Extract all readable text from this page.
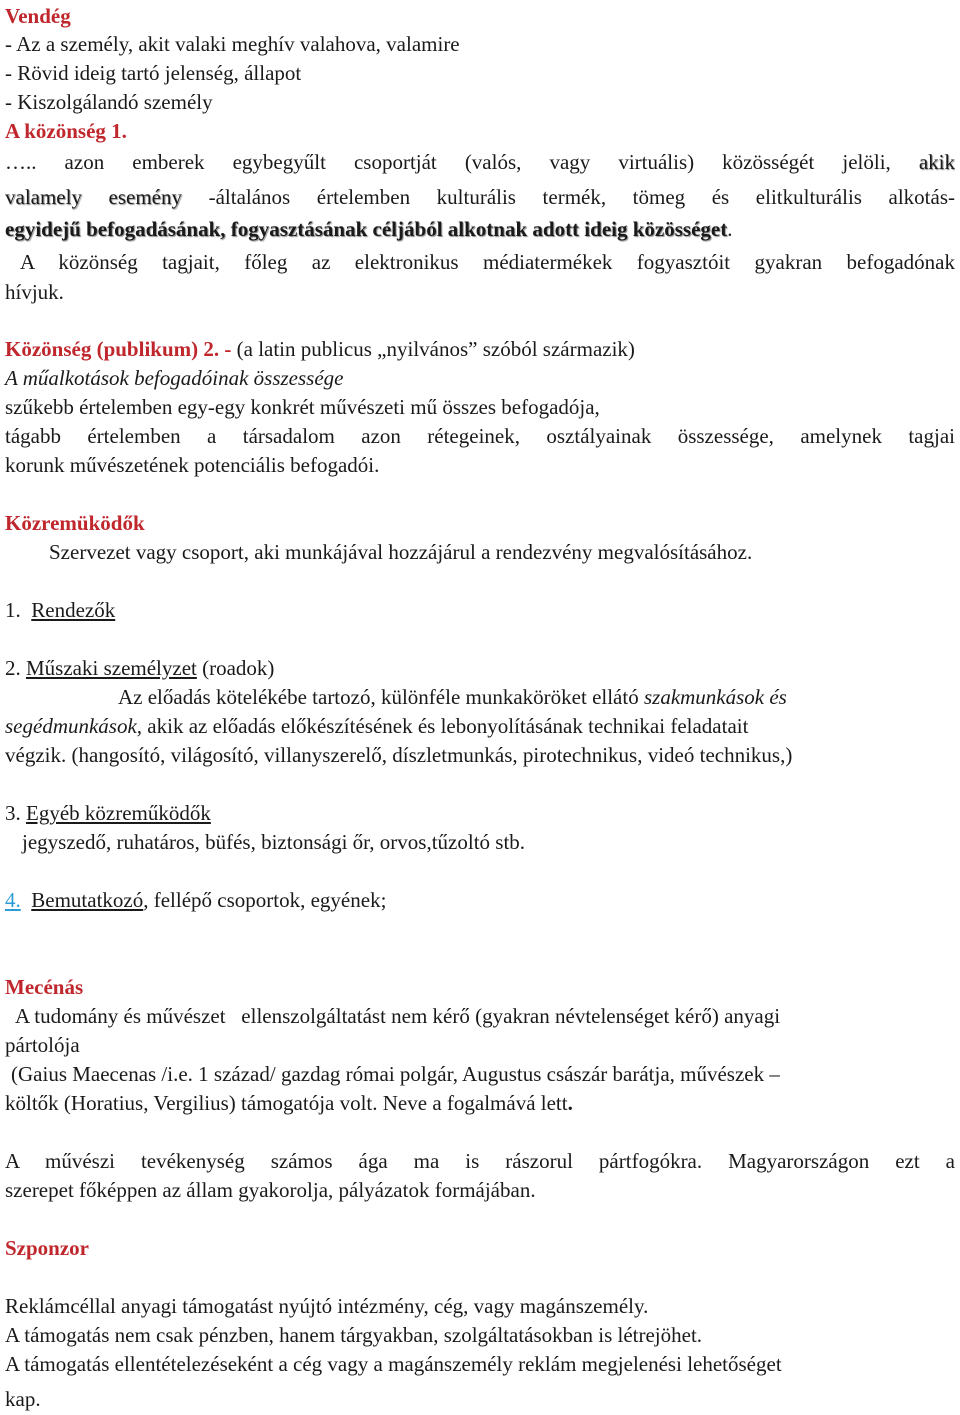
Vendég
- Az a személy, akit valaki meghív valahova, valamire
- Rövid ideig tartó jelenség, állapot
- Kiszolgálandó személy
A közönség 1.
….. azon emberek egybegyűlt csoportját (valós, vagy virtuális) közösségét jelöli, akik
valamely esemény -általános értelemben kulturális termék, tömeg és elitkulturális alkotás-
egyidejű befogadásának, fogyasztásának céljából alkotnak adott ideig közösséget.
A közönség tagjait, főleg az elektronikus médiatermékek fogyasztóit gyakran befogadónak
hívjuk.
Közönség (publikum) 2. - (a latin publicus „nyilvános” szóból származik)
A műalkotások befogadóinak összessége
szűkebb értelemben egy-egy konkrét művészeti mű összes befogadója,
tágabb értelemben a társadalom azon rétegeinek, osztályainak összessége, amelynek tagjai
korunk művészetének potenciális befogadói.
Közremüködők
Szervezet vagy csoport, aki munkájával hozzájárul a rendezvény megvalósításához.
1. Rendezők
2. Műszaki személyzet (roadok)
Az előadás kötelékébe tartozó, különféle munkaköröket ellátó szakmunkások és
segédmunkások, akik az előadás előkészítésének és lebonyolításának technikai feladatait
végzik. (hangosító, világosító, villanyszerelő, díszletmunkás, pirotechnikus, videó technikus,)
3. Egyéb közreműködők
jegyszedő, ruhatáros, büfés, biztonsági őr, orvos,tűzoltó stb.
4. Bemutatkozó, fellépő csoportok, egyének;
Mecénás
A tudomány és művészet   ellenszolgáltatást nem kérő (gyakran névtelenséget kérő) anyagi
pártolója
(Gaius Maecenas /i.e. 1 század/ gazdag római polgár, Augustus császár barátja, művészek –
költők (Horatius, Vergilius) támogatója volt. Neve a fogalmává lett.
A művészi tevékenység számos ága ma is rászorul pártfogókra. Magyarországon ezt a
szerepet főképpen az állam gyakorolja, pályázatok formájában.
Szponzor
Reklámcéllal anyagi támogatást nyújtó intézmény, cég, vagy magánszemély.
A támogatás nem csak pénzben, hanem tárgyakban, szolgáltatásokban is létrejöhet.
A támogatás ellentételezéseként a cég vagy a magánszemély reklám megjelenési lehetőséget
kap.
